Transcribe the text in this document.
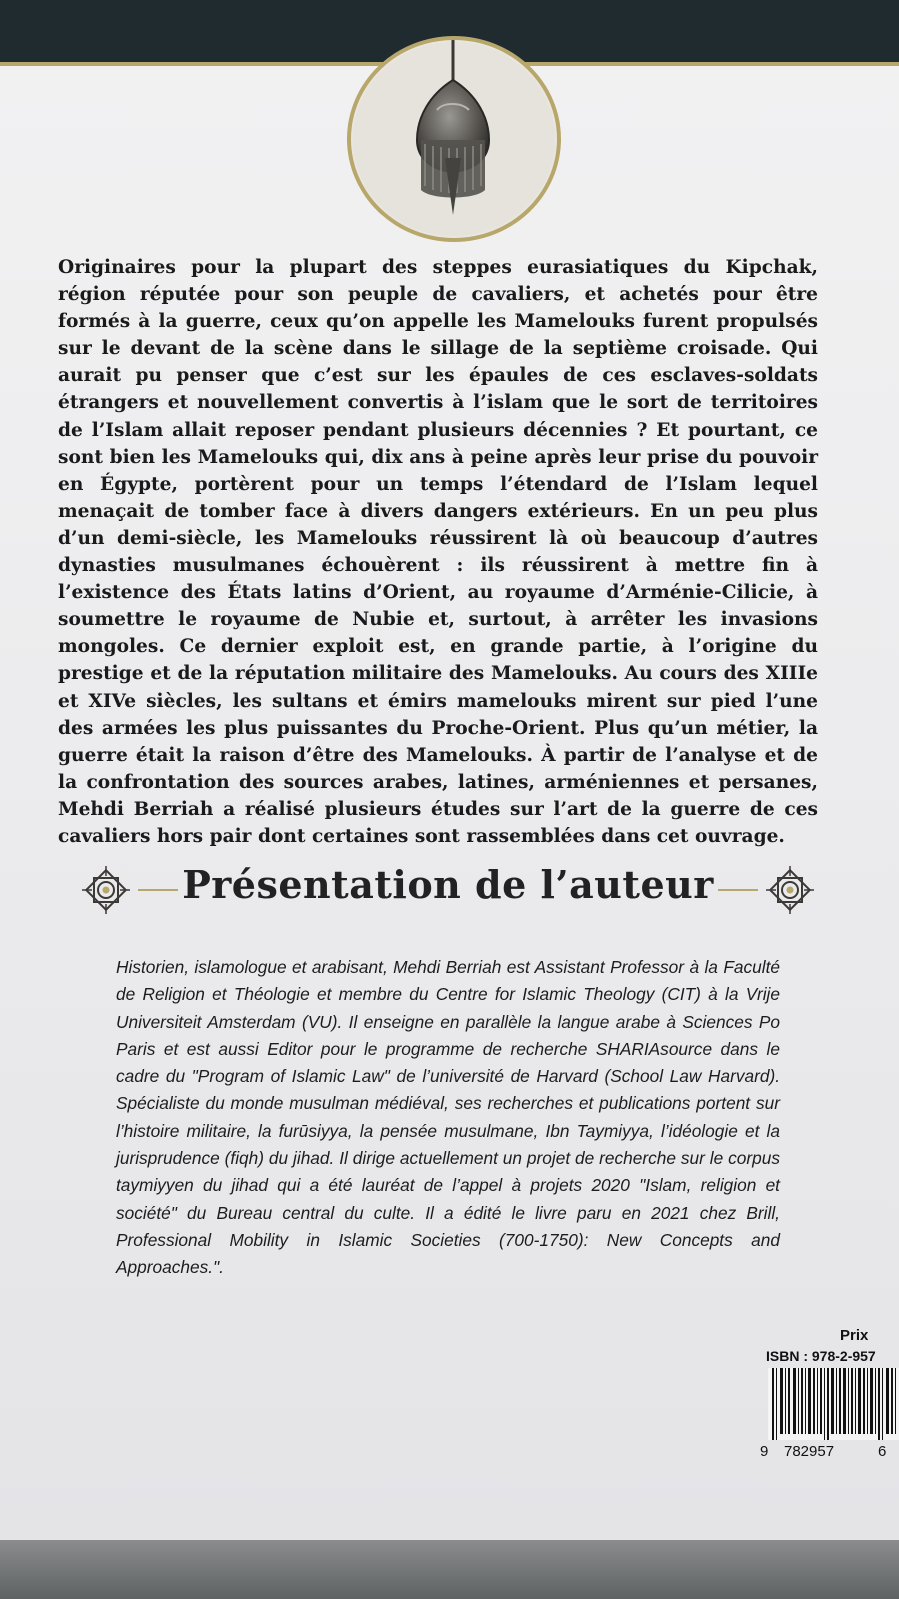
Originaires pour la plupart des steppes eurasiatiques du Kipchak, région réputée pour son peuple de cavaliers, et achetés pour être formés à la guerre, ceux qu’on appelle les Mamelouks furent propulsés sur le devant de la scène dans le sillage de la septième croisade. Qui aurait pu penser que c’est sur les épaules de ces esclaves-soldats étrangers et nouvellement convertis à l’islam que le sort de territoires de l’Islam allait reposer pendant plusieurs décennies ? Et pourtant, ce sont bien les Mamelouks qui, dix ans à peine après leur prise du pouvoir en Égypte, portèrent pour un temps l’étendard de l’Islam lequel menaçait de tomber face à divers dangers extérieurs. En un peu plus d’un demi-siècle, les Mamelouks réussirent là où beaucoup d’autres dynasties musulmanes échouèrent : ils réussirent à mettre fin à l’existence des États latins d’Orient, au royaume d’Arménie-Cilicie, à soumettre le royaume de Nubie et, surtout, à arrêter les invasions mongoles. Ce dernier exploit est, en grande partie, à l’origine du prestige et de la réputation militaire des Mamelouks. Au cours des XIIIe et XIVe siècles, les sultans et émirs mamelouks mirent sur pied l’une des armées les plus puissantes du Proche-Orient. Plus qu’un métier, la guerre était la raison d’être des Mamelouks. À partir de l’analyse et de la confrontation des sources arabes, latines, arméniennes et persanes, Mehdi Berriah a réalisé plusieurs études sur l’art de la guerre de ces cavaliers hors pair dont certaines sont rassemblées dans cet ouvrage.

Présentation de l’auteur

Historien, islamologue et arabisant, Mehdi Berriah est Assistant Professor à la Faculté de Religion et Théologie et membre du Centre for Islamic Theology (CIT) à la Vrije Universiteit Amsterdam (VU). Il enseigne en parallèle la langue arabe à Sciences Po Paris et est aussi Editor pour le programme de recherche SHARIAsource dans le cadre du "Program of Islamic Law" de l’université de Harvard (School Law Harvard). Spécialiste du monde musulman médiéval, ses recherches et publications portent sur l’histoire militaire, la furūsiyya, la pensée musulmane, Ibn Taymiyya, l’idéologie et la jurisprudence (fiqh) du jihad. Il dirige actuellement un projet de recherche sur le corpus taymiyyen du jihad qui a été lauréat de l’appel à projets 2020 "Islam, religion et société" du Bureau central du culte. Il a édité le livre paru en 2021 chez Brill, Professional Mobility in Islamic Societies (700-1750): New Concepts and Approaches.".

Prix
ISBN : 978-2-957
9 782957	6
